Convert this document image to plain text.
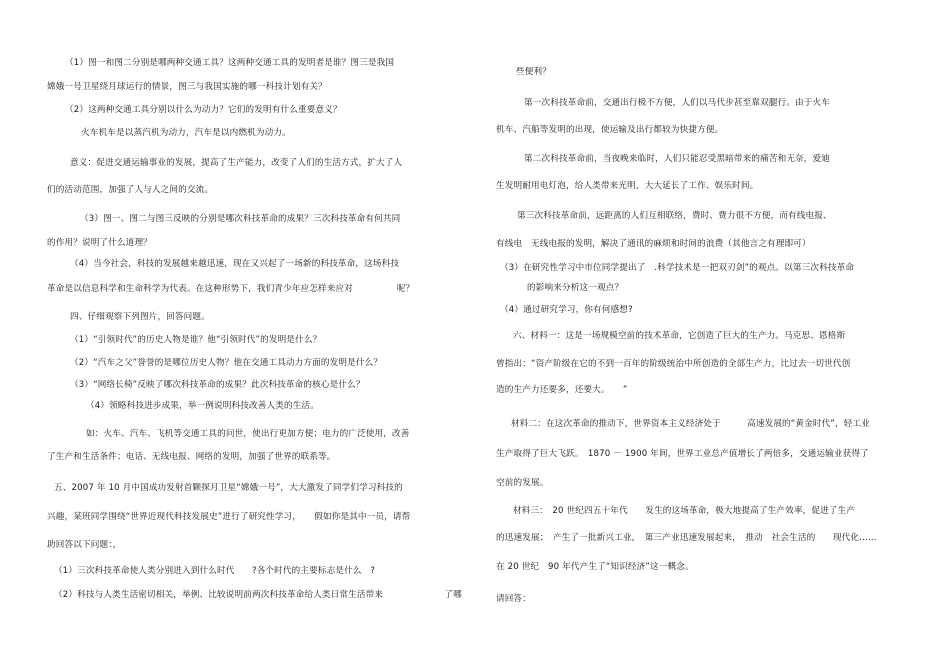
（1）图一和图二分别是哪两种交通工具？这两种交通工具的发明者是谁？图三是我国
嫦娥一号卫星绕月球运行的情景，图三与我国实施的哪一科技计划有关？
（2）这两种交通工具分别以什么为动力？它们的发明有什么重要意义？
火车机车是以蒸汽机为动力，汽车是以内燃机为动力。
意义：促进交通运输事业的发展，提高了生产能力，改变了人们的生活方式，扩大了人
们的活动范围，加强了人与人之间的交流。
（3）图一、图二与图三反映的分别是哪次科技革命的成果？三次科技革命有何共同
的作用？说明了什么道理？
（4）当今社会，科技的发展越来越迅速，现在又兴起了一场新的科技革命，这场科技
革命是以信息科学和生命科学为代表。在这种形势下，我们青少年应怎样来应对　　　　　呢？
四、仔细观察下列图片，回答问题。
（1）“引领时代”的历史人物是谁？他“引领时代”的发明是什么？
（2）“汽车之父”誉誉的是哪位历史人物？他在交通工具动力方面的发明是什么？
（3）“网络长椅”反映了哪次科技革命的成果？此次科技革命的核心是什么？
（4）领略科技进步成果，举一例说明科技改善人类的生活。
如：火车、汽车、飞机等交通工具的问世，使出行更加方便；电力的广泛使用，改善
了生产和生活条件；电话、无线电报、网络的发明，加强了世界的联系等。
五、2007 年 10 月中国成功发射首颗探月卫星“嫦娥一号”，大大激发了同学们学习科技的
兴趣，某班同学围绕“世界近现代科技发展史”进行了研究性学习，　　假如你是其中一员，请帮
助回答以下问题：，
（1）三次科技革命使人类分别进入到什么时代　　?各个时代的主要标志是什么　?
（2）科技与人类生活密切相关，举例、比较说明前两次科技革命给人类日常生活带来　　　　　　　了哪
些便利？
第一次科技革命前，交通出行极不方便，人们以马代步甚至靠双腿行。由于火车
机车、汽船等发明的出现，使运输及出行都较为快捷方便。
第二次科技革命前，当夜晚来临时，人们只能忍受黑暗带来的痛苦和无奈，爱迪
生发明耐用电灯泡，给人类带来光明，大大延长了工作、娱乐时间。
第三次科技革命前，远距离的人们互相联络，费时、费力很不方便，而有线电报、
有线电　无线电报的发明，解决了通讯的麻烦和时间的浪费（其他言之有理即可）
（3）在研究性学习中市位同学提出了　.科学技术是一把双刃剑”的观点。以第三次科技革命
的影响来分析这一观点？
（4）通过研究学习，你有何感想?
六、材料一：这是一场规模空前的技术革命，它创造了巨大的生产力。马克思、恩格斯
曾指出：“资产阶级在它的不到一百年的阶级统治中所创造的全部生产力，比过去一切世代创
造的生产力还要多，还要大。　　”
材料二：在这次革命的推动下，世界资本主义经济处于　　　高速发展的“黄金时代”，轻工业
生产取得了巨大飞跃。　1870 － 1900 年间，世界工业总产值增长了两倍多，交通运输业获得了
空前的发展。
材料三：　20 世纪四五十年代　　发生的这场革命，极大地提高了生产效率，促进了生产
的迅速发展；　产生了一批新兴工业，　第三产业迅速发展起来，　推动　社会生活的　　现代化……
在 20 世纪　90 年代产生了“知识经济”这一概念。
请回答：
